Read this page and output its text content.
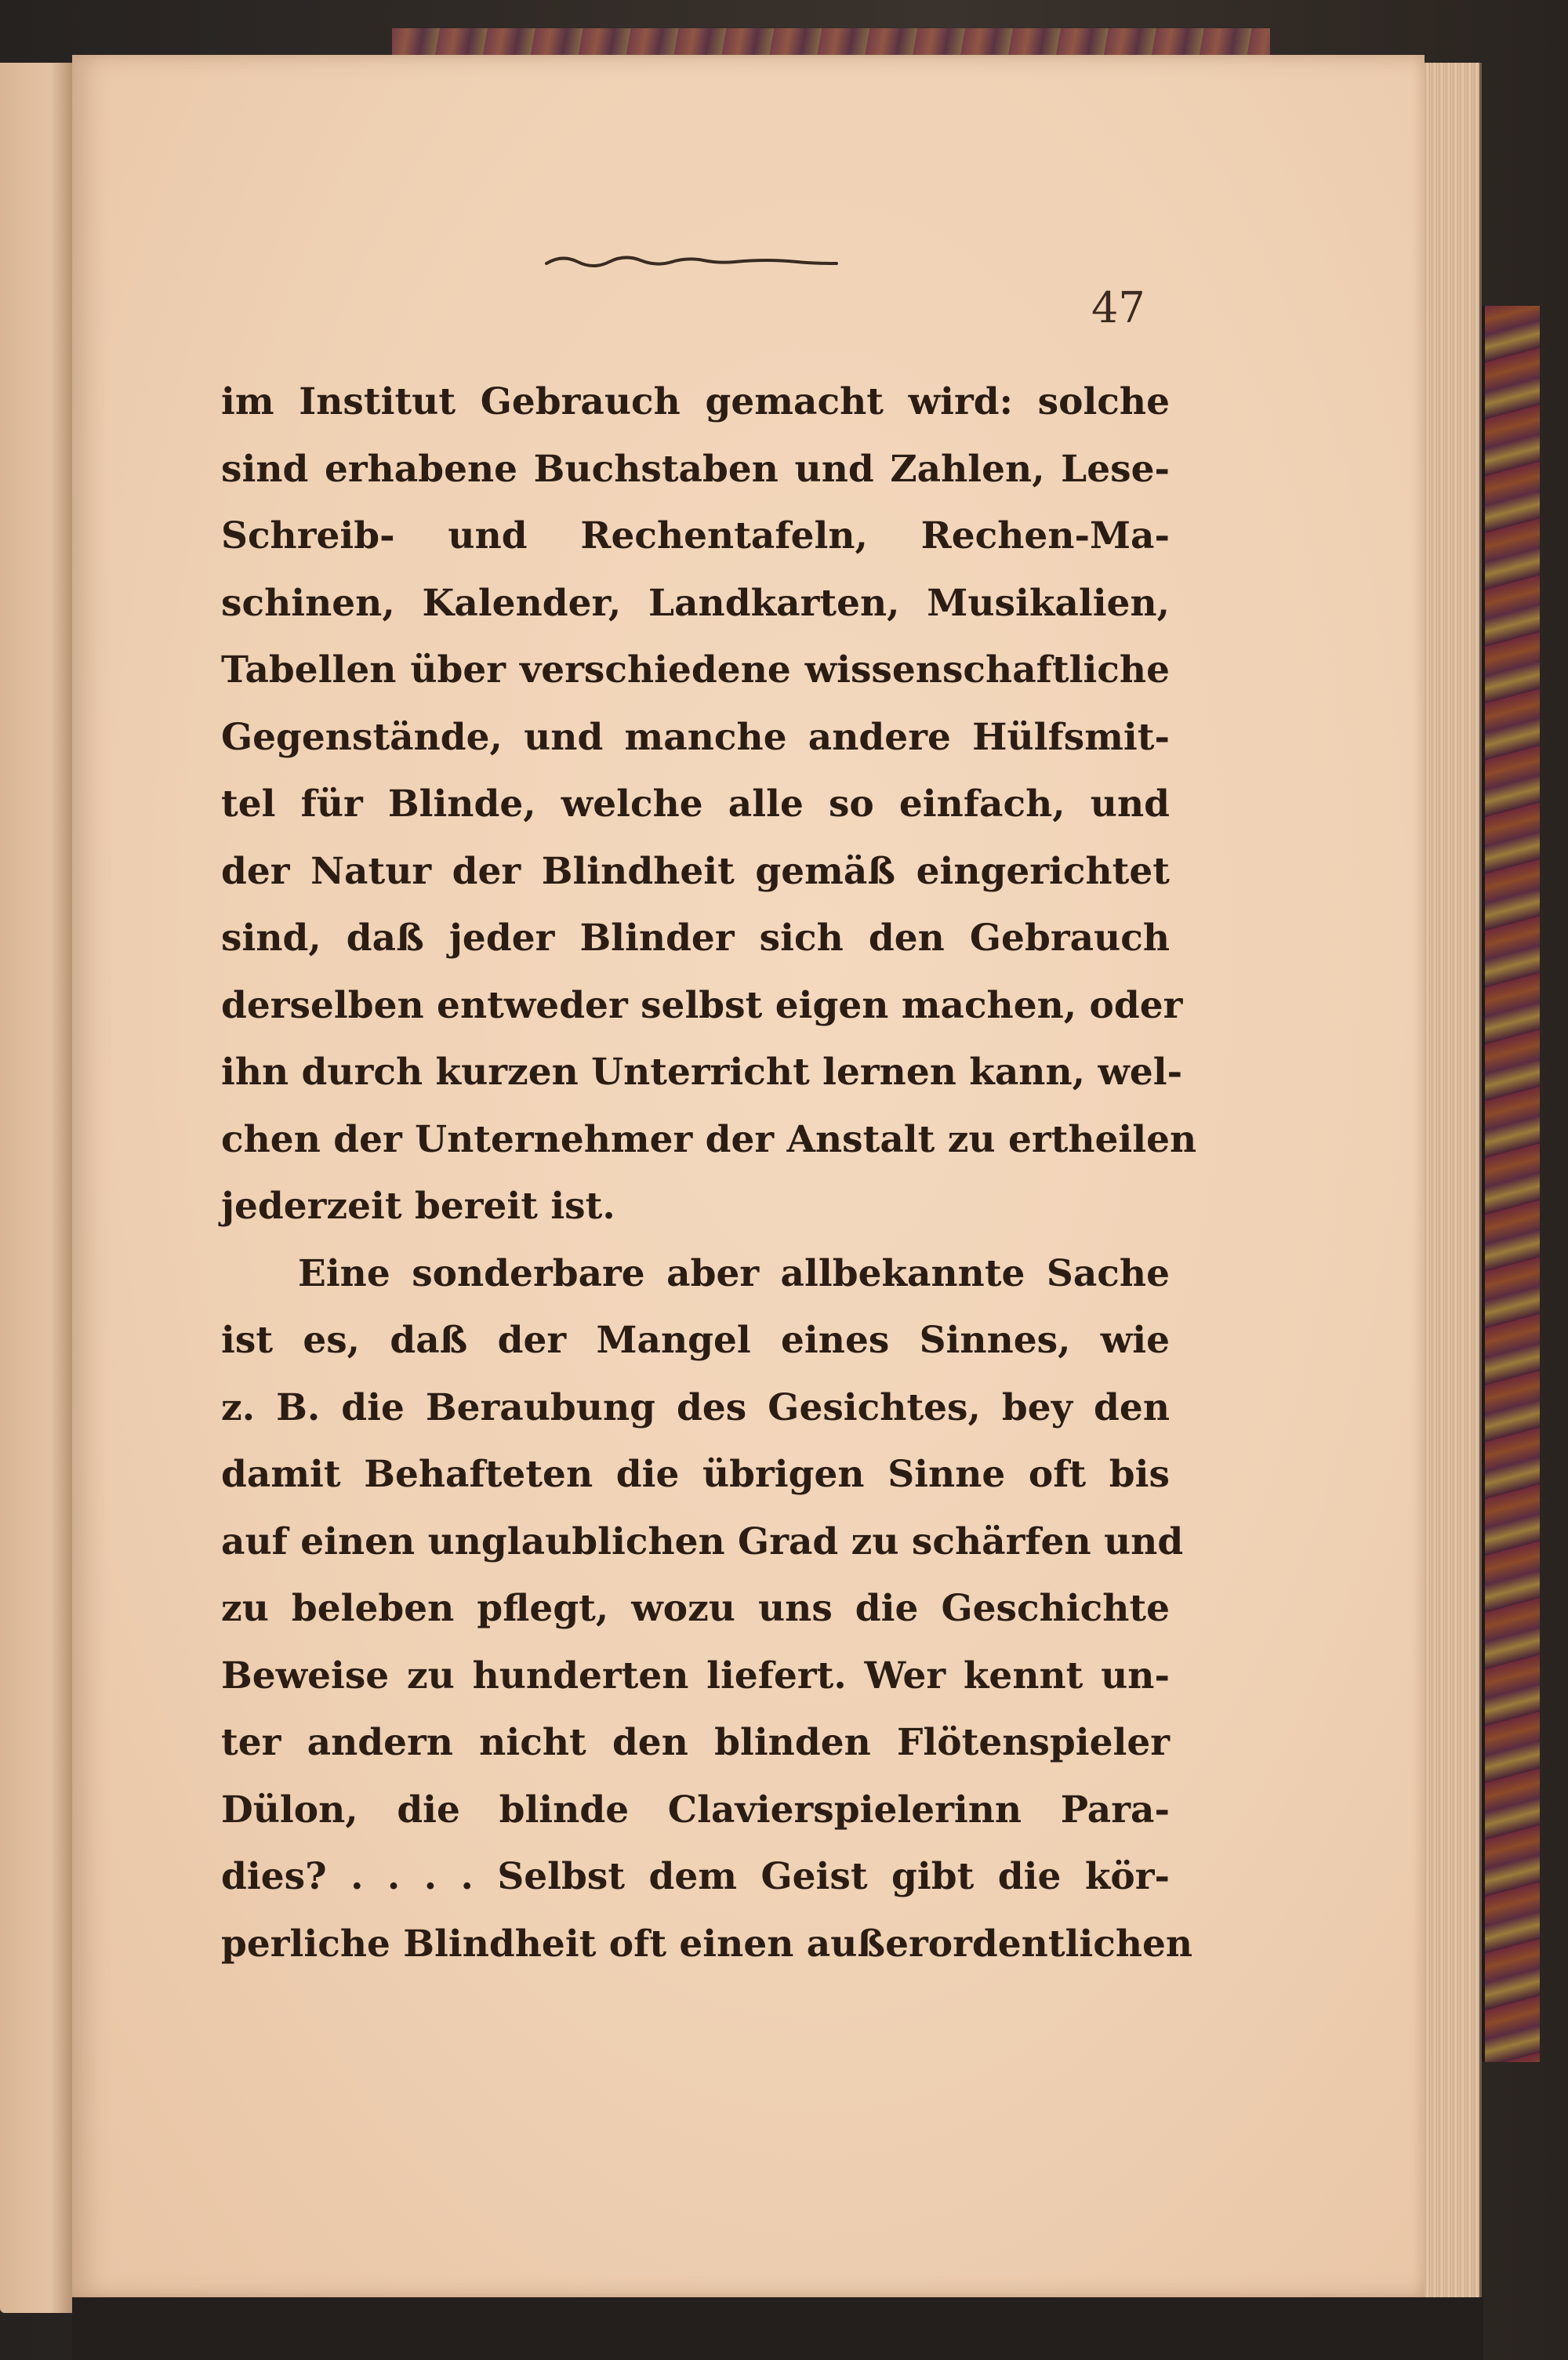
47

im Institut Gebrauch gemacht wird: solche
sind erhabene Buchstaben und Zahlen, Lese-
Schreib- und Rechentafeln, Rechen-Ma-
schinen, Kalender, Landkarten, Musikalien,
Tabellen über verschiedene wissenschaftliche
Gegenstände, und manche andere Hülfsmit-
tel für Blinde, welche alle so einfach, und
der Natur der Blindheit gemäß eingerichtet
sind, daß jeder Blinder sich den Gebrauch
derselben entweder selbst eigen machen, oder
ihn durch kurzen Unterricht lernen kann, wel-
chen der Unternehmer der Anstalt zu ertheilen
jederzeit bereit ist.
Eine sonderbare aber allbekannte Sache
ist es, daß der Mangel eines Sinnes, wie
z. B. die Beraubung des Gesichtes, bey den
damit Behafteten die übrigen Sinne oft bis
auf einen unglaublichen Grad zu schärfen und
zu beleben pflegt, wozu uns die Geschichte
Beweise zu hunderten liefert. Wer kennt un-
ter andern nicht den blinden Flötenspieler
Dülon, die blinde Clavierspielerinn Para-
dies? . . . . Selbst dem Geist gibt die kör-
perliche Blindheit oft einen außerordentlichen
